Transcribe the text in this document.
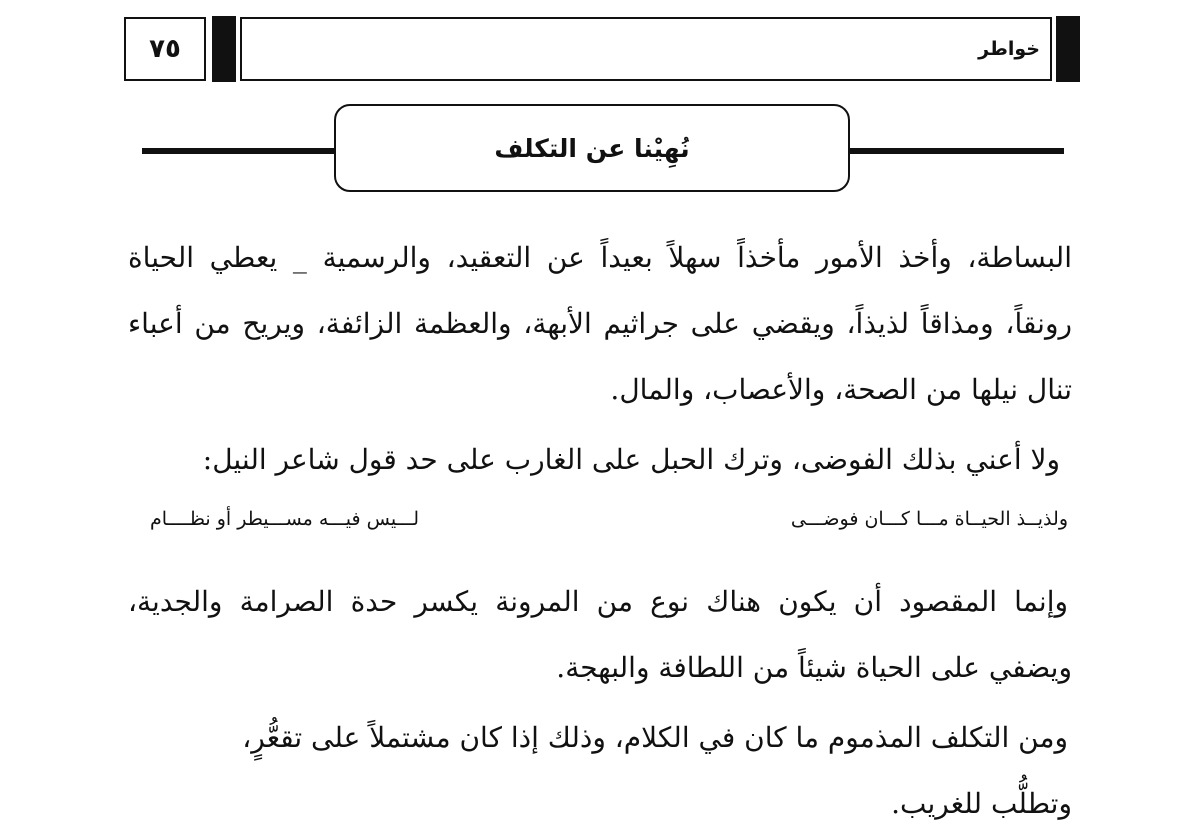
٧٥	خواطر
نُهِيْنا عن التكلف
البساطة، وأخذ الأمور مأخذاً سهلاً بعيداً عن التعقيد، والرسمية _ يعطي الحياة
رونقاً، ومذاقاً لذيذاً، ويقضي على جراثيم الأبهة، والعظمة الزائفة، ويريح من أعباء
تنال نيلها من الصحة، والأعصاب، والمال.
ولا أعني بذلك الفوضى، وترك الحبل على الغارب على حد قول شاعر النيل:
ولذيــذ الحيــاة مـــا كـــان فوضـــى
لـــيس فيـــه مســـيطر أو نظــــام
وإنما المقصود أن يكون هناك نوع من المرونة يكسر حدة الصرامة والجدية،
ويضفي على الحياة شيئاً من اللطافة والبهجة.
ومن التكلف المذموم ما كان في الكلام، وذلك إذا كان مشتملاً على تقعُّرٍ،
وتطلُّب للغريب.
